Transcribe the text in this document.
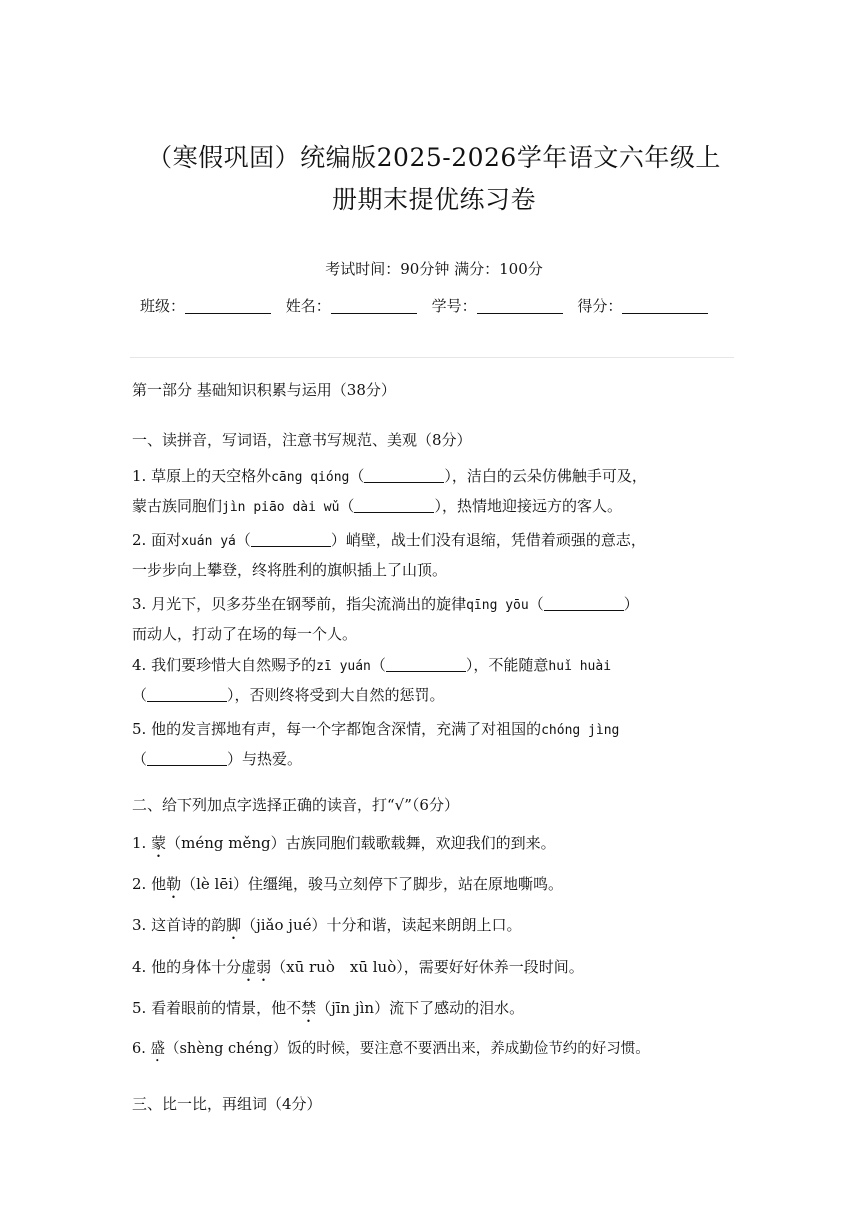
（寒假巩固）统编版2025-2026学年语文六年级上
册期末提优练习卷
考试时间：90分钟 满分：100分
班级：	姓名：	学号：	得分：
第一部分 基础知识积累与运用（38分）
一、读拼音，写词语，注意书写规范、美观（8分）
1. 草原上的天空格外cāng qióng（	），洁白的云朵仿佛触手可及，
蒙古族同胞们jìn piāo dài wǔ（	），热情地迎接远方的客人。
2. 面对xuán yá（	）峭壁，战士们没有退缩，凭借着顽强的意志，
一步步向上攀登，终将胜利的旗帜插上了山顶。
3. 月光下，贝多芬坐在钢琴前，指尖流淌出的旋律qīng yōu（	）
而动人，打动了在场的每一个人。
4. 我们要珍惜大自然赐予的zī yuán（	），不能随意huǐ huài
（	），否则终将受到大自然的惩罚。
5. 他的发言掷地有声，每一个字都饱含深情，充满了对祖国的chóng jìng
（	）与热爱。
二、给下列加点字选择正确的读音，打“√”（6分）
1. 蒙（méng měng）古族同胞们载歌载舞，欢迎我们的到来。
2. 他勒（lè lēi）住缰绳，骏马立刻停下了脚步，站在原地嘶鸣。
3. 这首诗的韵脚（jiǎo jué）十分和谐，读起来朗朗上口。
4. 他的身体十分虚弱（xū ruò　xū luò），需要好好休养一段时间。
5. 看着眼前的情景，他不禁（jīn jìn）流下了感动的泪水。
6. 盛（shèng chéng）饭的时候，要注意不要洒出来，养成勤俭节约的好习惯。
三、比一比，再组词（4分）
